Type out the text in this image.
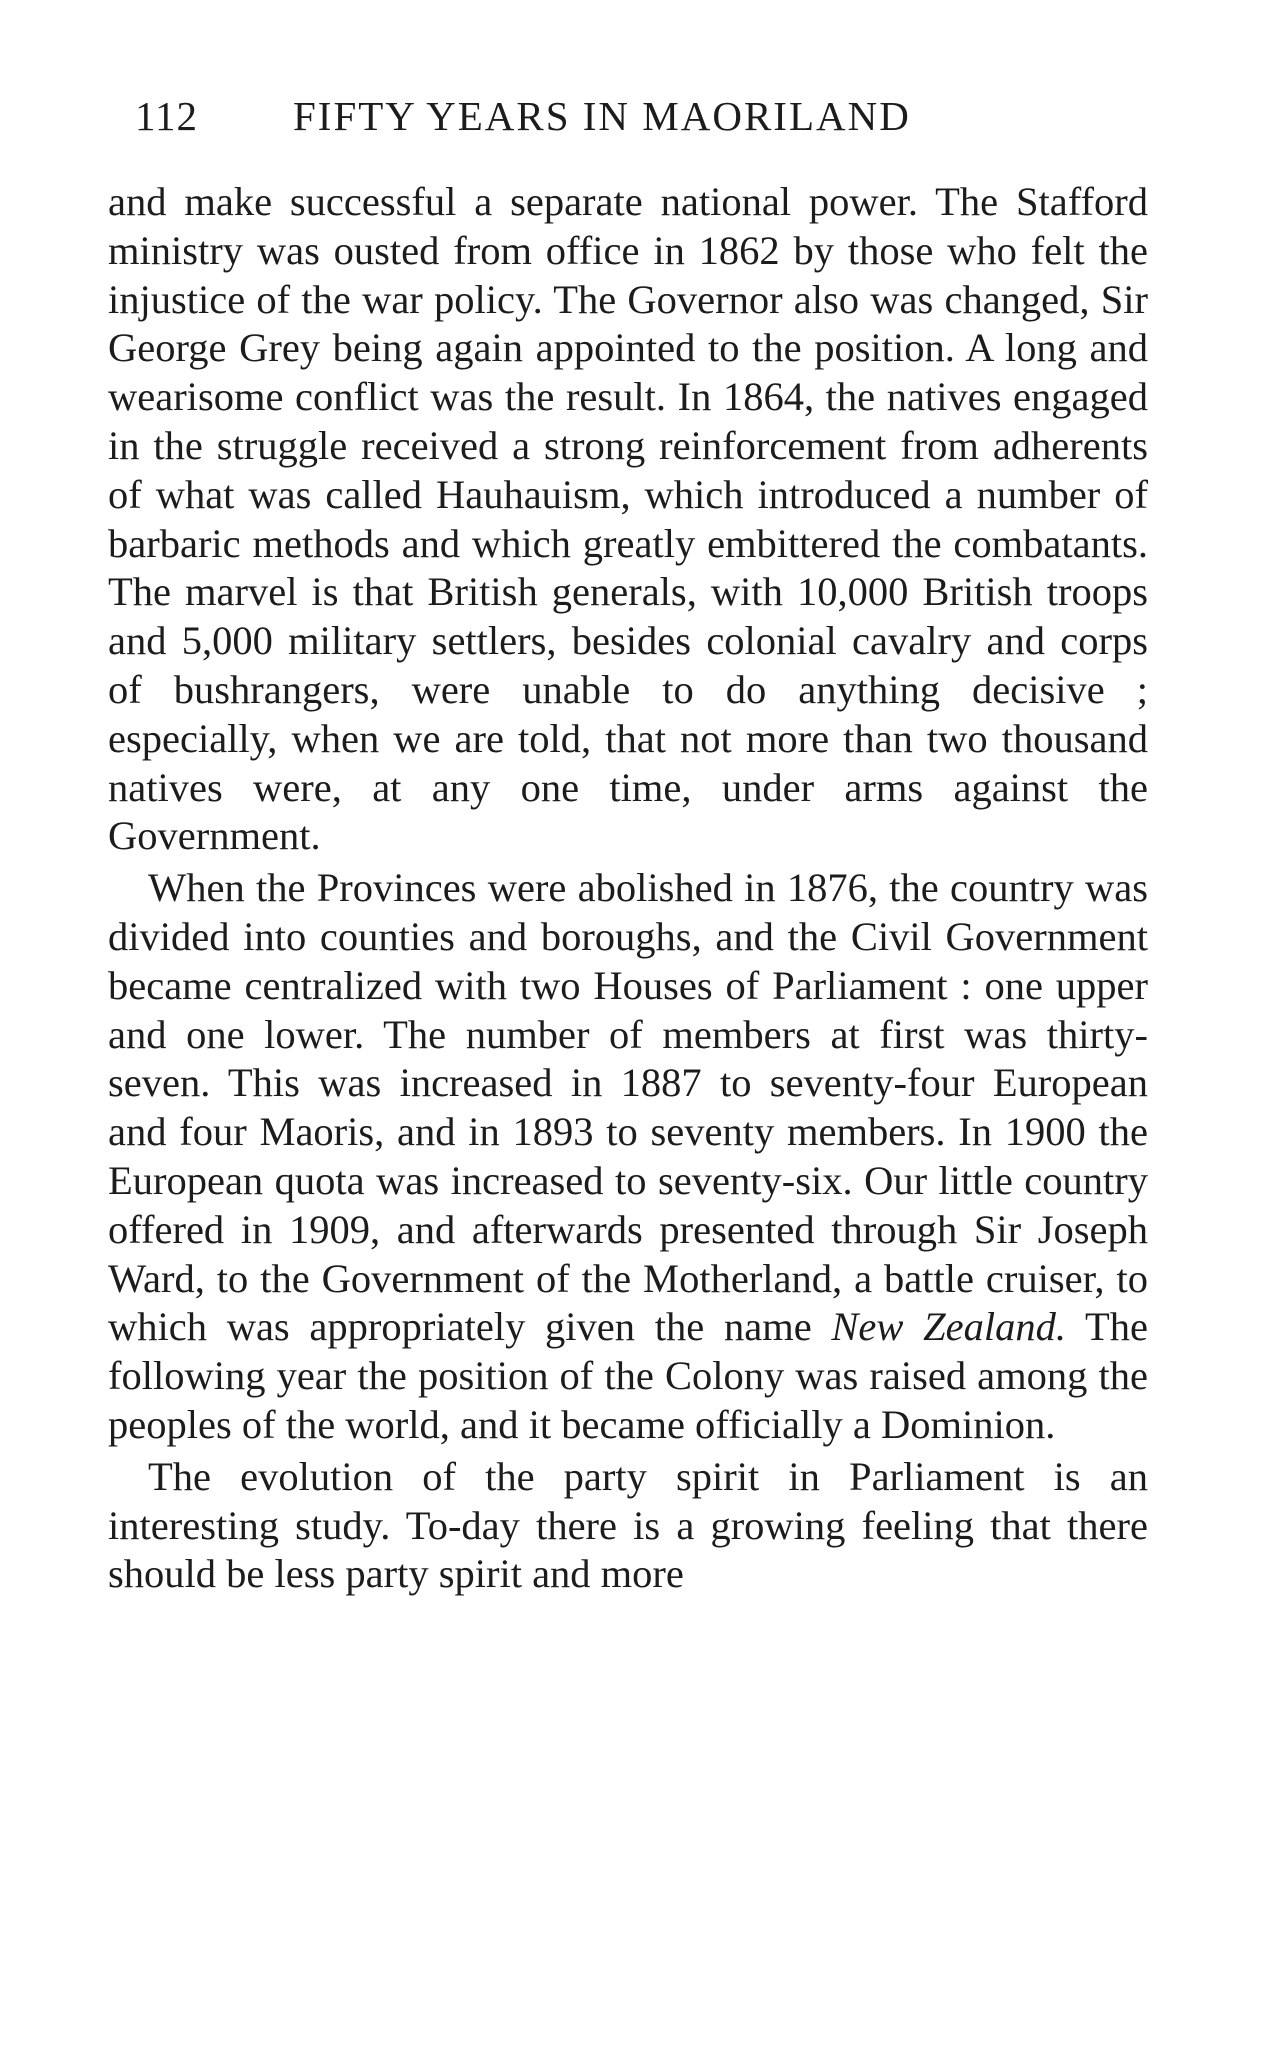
112 FIFTY YEARS IN MAORILAND

and make successful a separate national power. The Stafford ministry was ousted from office in 1862 by those who felt the injustice of the war policy. The Governor also was changed, Sir George Grey being again appointed to the position. A long and wearisome conflict was the result. In 1864, the natives engaged in the struggle received a strong reinforcement from adherents of what was called Hauhauism, which introduced a number of barbaric methods and which greatly embittered the combatants. The marvel is that British generals, with 10,000 British troops and 5,000 military settlers, besides colonial cavalry and corps of bushrangers, were unable to do anything decisive ; especially, when we are told, that not more than two thousand natives were, at any one time, under arms against the Government.

When the Provinces were abolished in 1876, the country was divided into counties and boroughs, and the Civil Government became centralized with two Houses of Parliament : one upper and one lower. The number of members at first was thirty-seven. This was increased in 1887 to seventy-four European and four Maoris, and in 1893 to seventy members. In 1900 the European quota was increased to seventy-six. Our little country offered in 1909, and afterwards presented through Sir Joseph Ward, to the Government of the Motherland, a battle cruiser, to which was appropriately given the name New Zealand. The following year the position of the Colony was raised among the peoples of the world, and it became officially a Dominion.

The evolution of the party spirit in Parliament is an interesting study. To-day there is a growing feeling that there should be less party spirit and more
